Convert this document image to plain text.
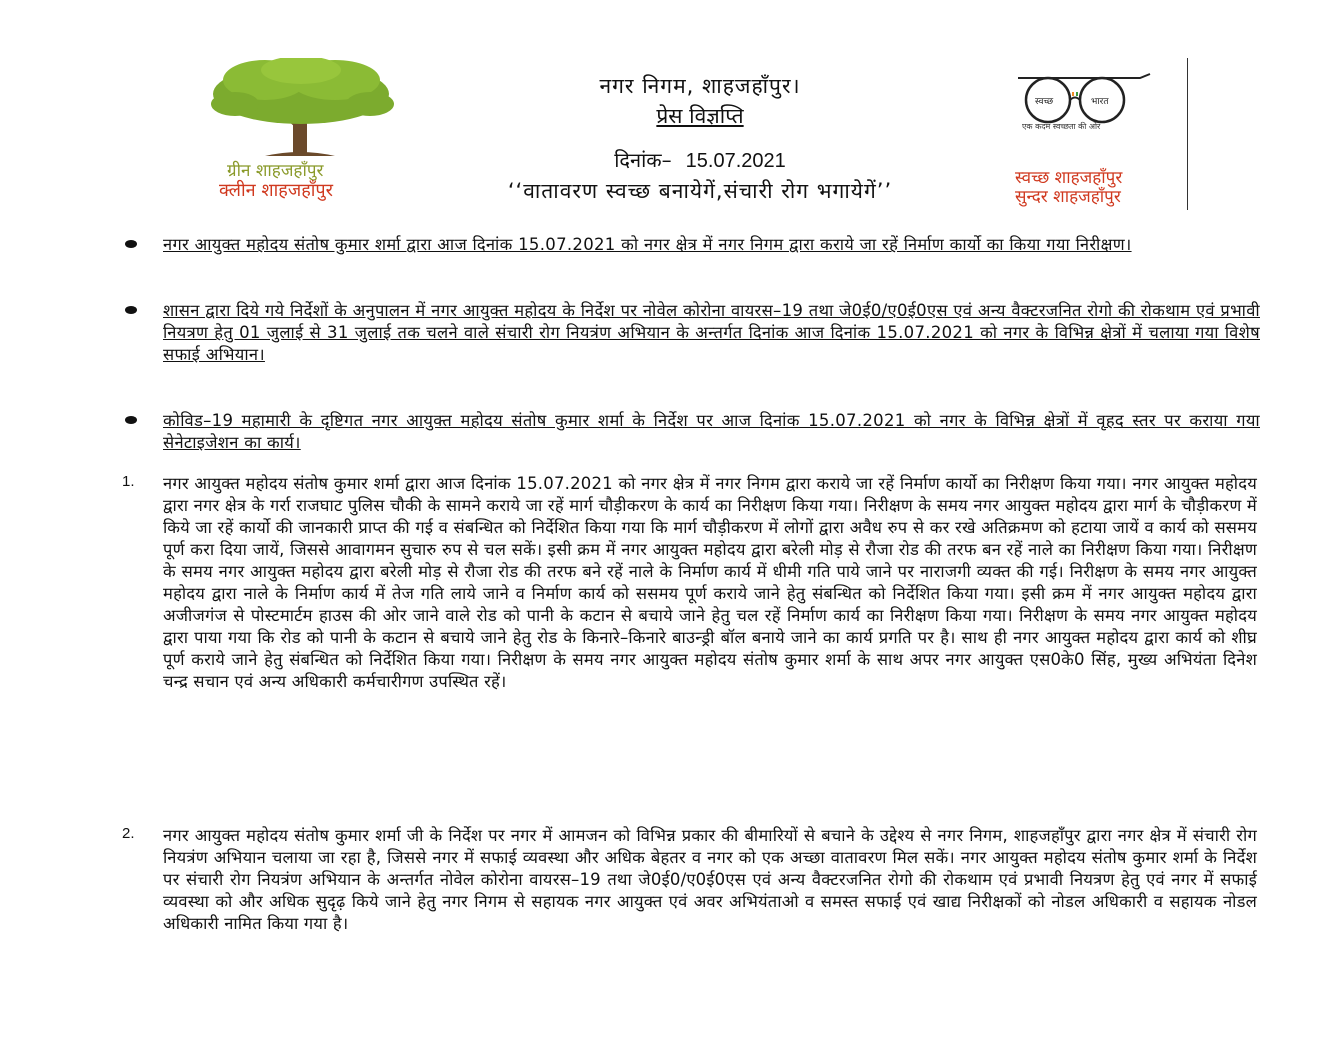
ग्रीन शाहजहाँपुर
क्लीन शाहजहाँपुर
नगर निगम, शाहजहाँपुर।
प्रेस विज्ञप्ति
दिनांक– 15.07.2021
‘‘वातावरण स्वच्छ बनायेगें,संचारी रोग भगायेगें’’
स्वच्छ	भारत
एक कदम स्वच्छता की ओर
स्वच्छ शाहजहाँपुर
सुन्दर शाहजहाँपुर
नगर आयुक्त महोदय संतोष कुमार शर्मा द्वारा आज दिनांक 15.07.2021 को नगर क्षेत्र में नगर निगम द्वारा कराये जा रहें निर्माण कार्यो का किया गया निरीक्षण।
शासन द्वारा दिये गये निर्देशों के अनुपालन में नगर आयुक्त महोदय के निर्देश पर नोवेल कोरोना वायरस–19 तथा जे0ई0/ए0ई0एस एवं अन्य वैक्टरजनित रोगो की रोकथाम एवं प्रभावी नियत्रण हेतु 01 जुलाई से 31 जुलाई तक चलने वाले संचारी रोग नियत्रंण अभियान के अन्तर्गत दिनांक आज दिनांक 15.07.2021 को नगर के विभिन्न क्षेत्रों में चलाया गया विशेष सफाई अभियान।
कोविड–19 महामारी के दृष्टिगत नगर आयुक्त महोदय संतोष कुमार शर्मा के निर्देश पर आज दिनांक 15.07.2021 को नगर के विभिन्न क्षेत्रों में वृहद स्तर पर कराया गया सेनेटाइजेशन का कार्य।
1. नगर आयुक्त महोदय संतोष कुमार शर्मा द्वारा आज दिनांक 15.07.2021 को नगर क्षेत्र में नगर निगम द्वारा कराये जा रहें निर्माण कार्यो का निरीक्षण किया गया। नगर आयुक्त महोदय द्वारा नगर क्षेत्र के गर्रा राजघाट पुलिस चौकी के सामने कराये जा रहें मार्ग चौड़ीकरण के कार्य का निरीक्षण किया गया। निरीक्षण के समय नगर आयुक्त महोदय द्वारा मार्ग के चौड़ीकरण में किये जा रहें कार्यो की जानकारी प्राप्त की गई व संबन्धित को निर्देशित किया गया कि मार्ग चौड़ीकरण में लोगों द्वारा अवैध रुप से कर रखे अतिक्रमण को हटाया जायें व कार्य को ससमय पूर्ण करा दिया जायें, जिससे आवागमन सुचारु रुप से चल सकें। इसी क्रम में नगर आयुक्त महोदय द्वारा बरेली मोड़ से रौजा रोड की तरफ बन रहें नाले का निरीक्षण किया गया। निरीक्षण के समय नगर आयुक्त महोदय द्वारा बरेली मोड़ से रौजा रोड की तरफ बने रहें नाले के निर्माण कार्य में धीमी गति पाये जाने पर नाराजगी व्यक्त की गई। निरीक्षण के समय नगर आयुक्त महोदय द्वारा नाले के निर्माण कार्य में तेज गति लाये जाने व निर्माण कार्य को ससमय पूर्ण कराये जाने हेतु संबन्धित को निर्देशित किया गया। इसी क्रम में नगर आयुक्त महोदय द्वारा अजीजगंज से पोस्टमार्टम हाउस की ओर जाने वाले रोड को पानी के कटान से बचाये जाने हेतु चल रहें निर्माण कार्य का निरीक्षण किया गया। निरीक्षण के समय नगर आयुक्त महोदय द्वारा पाया गया कि रोड को पानी के कटान से बचाये जाने हेतु रोड के किनारे–किनारे बाउन्ड्री बॉल बनाये जाने का कार्य प्रगति पर है। साथ ही नगर आयुक्त महोदय द्वारा कार्य को शीघ्र पूर्ण कराये जाने हेतु संबन्धित को निर्देशित किया गया। निरीक्षण के समय नगर आयुक्त महोदय संतोष कुमार शर्मा के साथ अपर नगर आयुक्त एस0के0 सिंह, मुख्य अभियंता दिनेश चन्द्र सचान एवं अन्य अधिकारी कर्मचारीगण उपस्थित रहें।
2. नगर आयुक्त महोदय संतोष कुमार शर्मा जी के निर्देश पर नगर में आमजन को विभिन्न प्रकार की बीमारियों से बचाने के उद्देश्य से नगर निगम, शाहजहाँपुर द्वारा नगर क्षेत्र में संचारी रोग नियत्रंण अभियान चलाया जा रहा है, जिससे नगर में सफाई व्यवस्था और अधिक बेहतर व नगर को एक अच्छा वातावरण मिल सकें। नगर आयुक्त महोदय संतोष कुमार शर्मा के निर्देश पर संचारी रोग नियत्रंण अभियान के अन्तर्गत नोवेल कोरोना वायरस–19 तथा जे0ई0/ए0ई0एस एवं अन्य वैक्टरजनित रोगो की रोकथाम एवं प्रभावी नियत्रण हेतु एवं नगर में सफाई व्यवस्था को और अधिक सुदृढ़ किये जाने हेतु नगर निगम से सहायक नगर आयुक्त एवं अवर अभियंताओ व समस्त सफाई एवं खाद्य निरीक्षकों को नोडल अधिकारी व सहायक नोडल अधिकारी नामित किया गया है।
